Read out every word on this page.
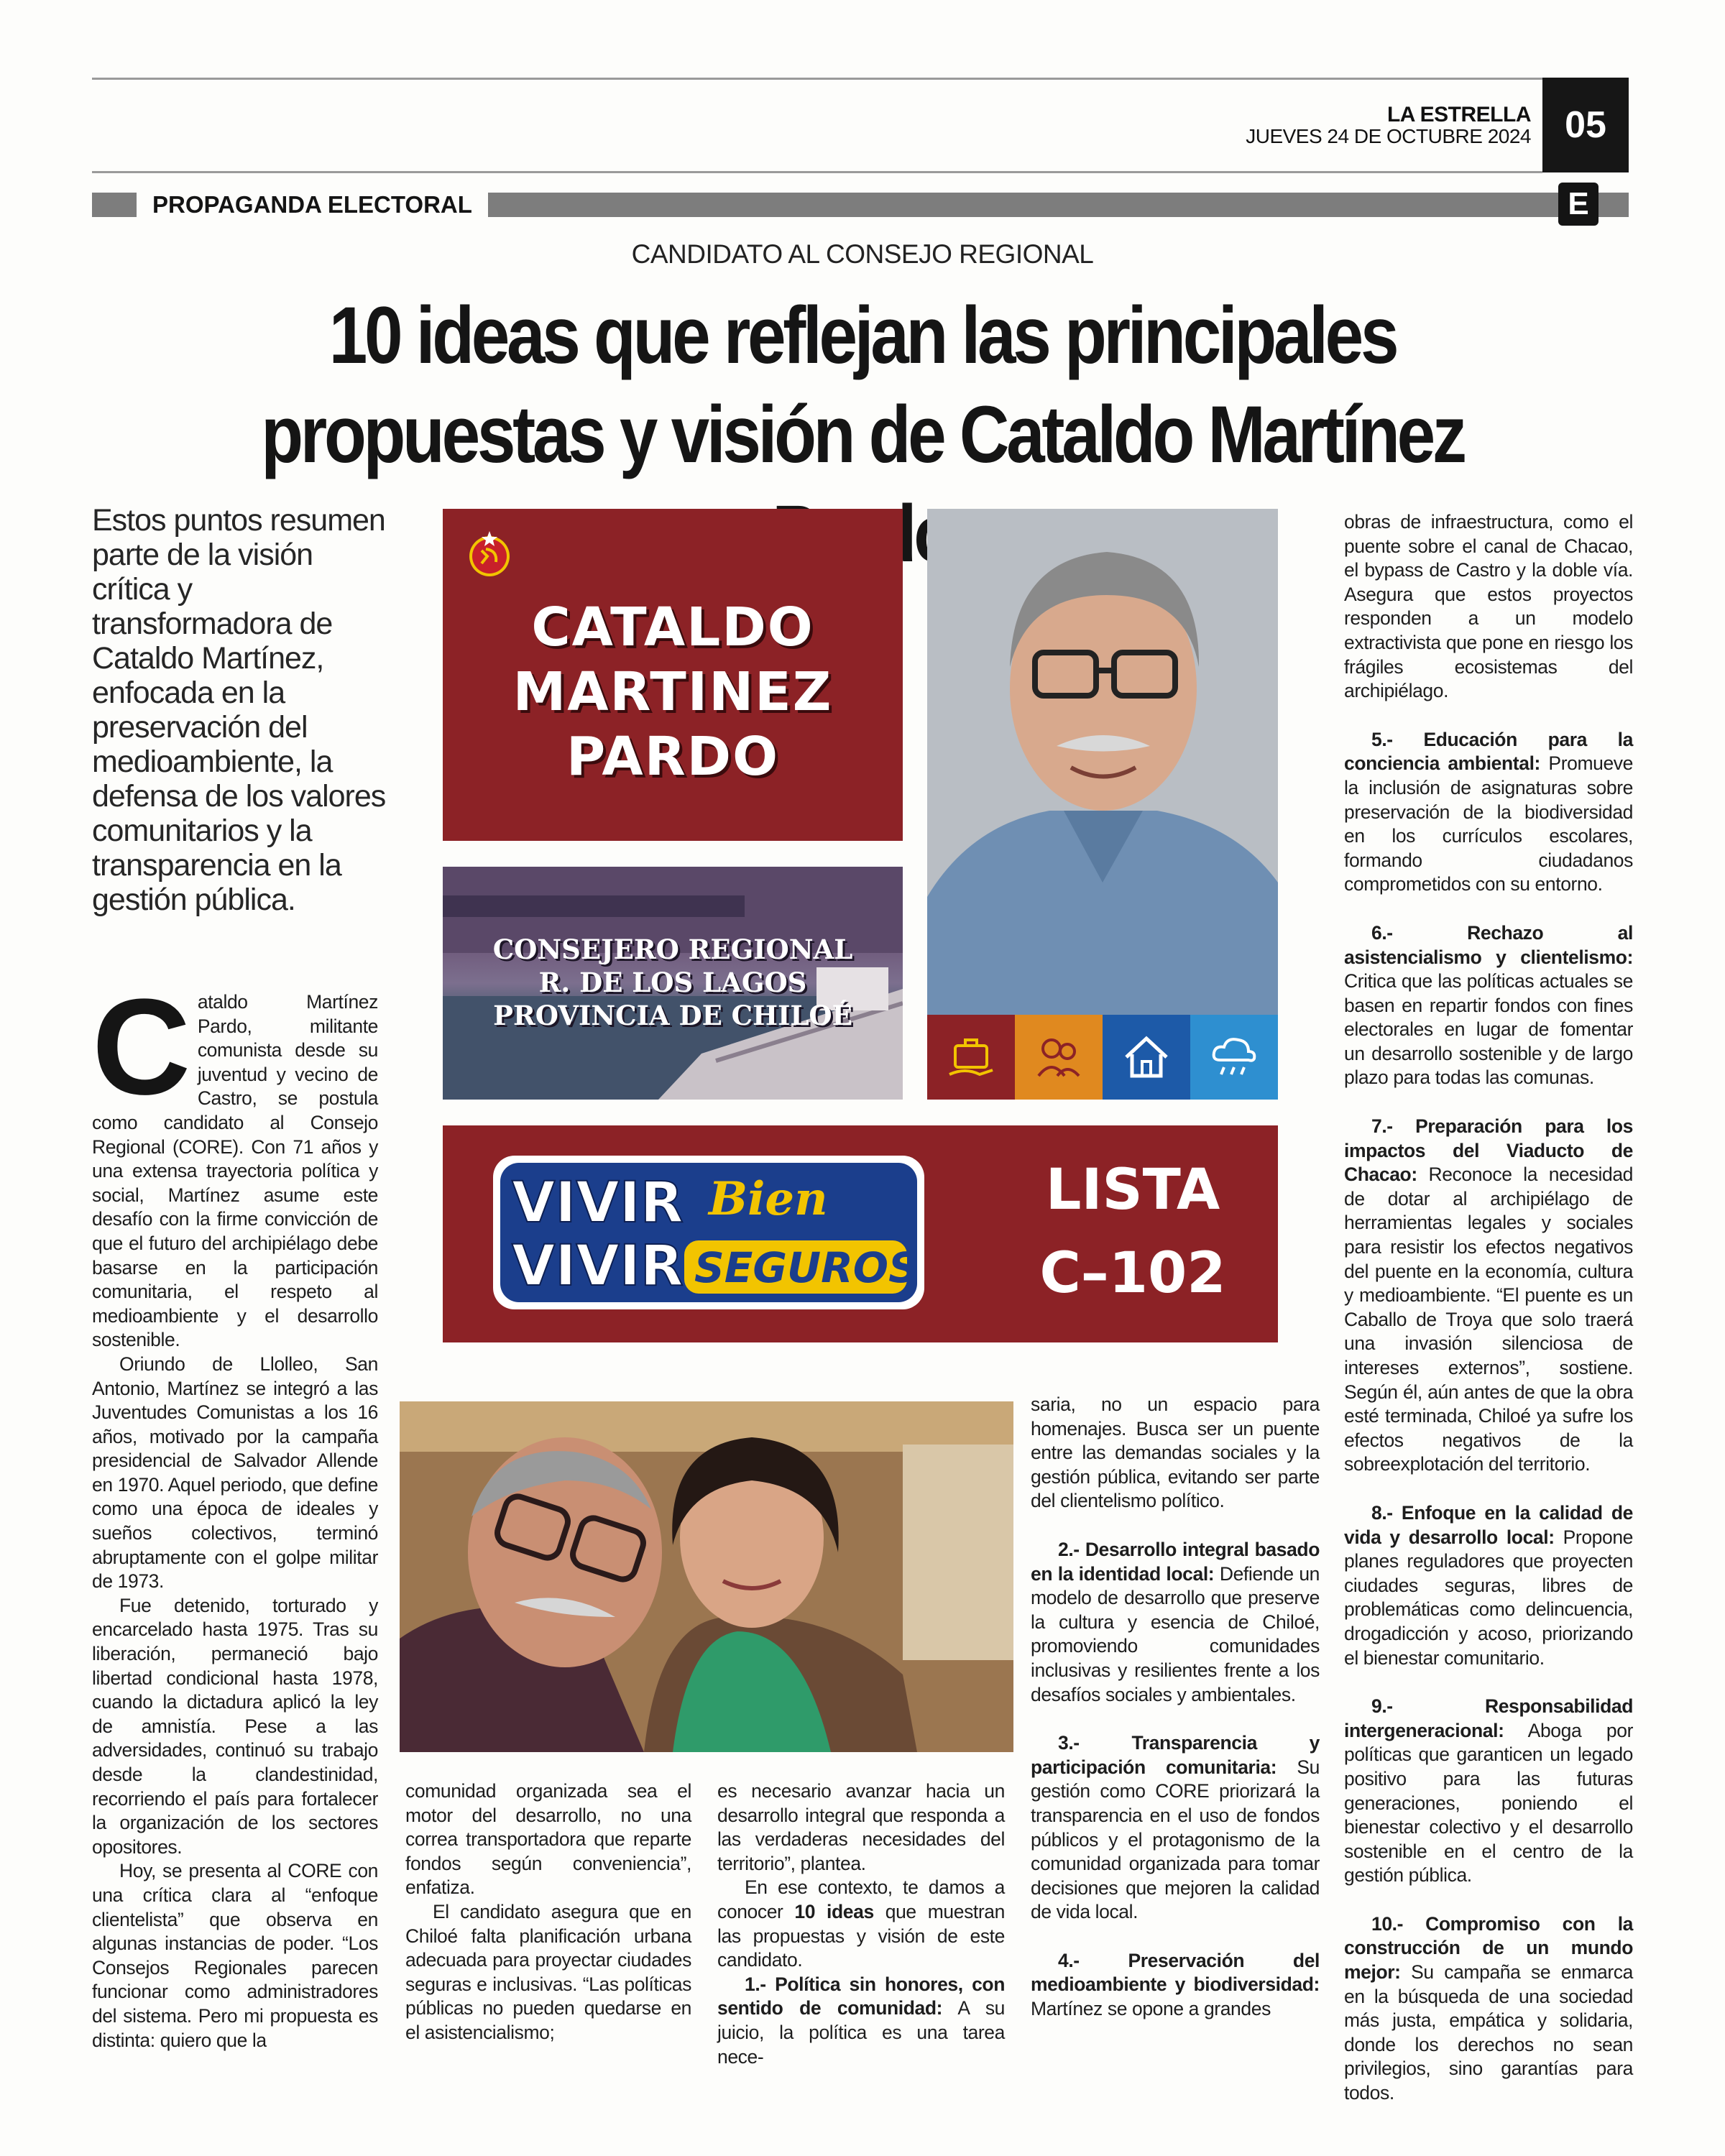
LA ESTRELLA
JUEVES 24 DE OCTUBRE 2024 05
PROPAGANDA ELECTORAL	E
CANDIDATO AL CONSEJO REGIONAL
10 ideas que reflejan las principales
propuestas y visión de Cataldo Martínez
Estos puntos resumen parte de la visión crítica y transformadora de Cataldo Martínez, enfocada en la preservación del medioambiente, la defensa de los valores comunitarios y la transparencia en la gestión pública.
CATALDO
MARTINEZ
PARDO
CONSEJERO REGIONAL
R. DE LOS LAGOS
PROVINCIA DE CHILOÉ
VIVIR Bien
VIVIR SEGUROS
LISTA
C–102

Cataldo Martínez Pardo, militante comunista desde su juventud y vecino de Castro, se postula como candidato al Consejo Regional (CORE). Con 71 años y una extensa trayectoria política y social, Martínez asume este desafío con la firme convicción de que el futuro del archipiélago debe basarse en la participación comunitaria, el respeto al medioambiente y el desarrollo sostenible.

Oriundo de Llolleo, San Antonio, Martínez se integró a las Juventudes Comunistas a los 16 años, motivado por la campaña presidencial de Salvador Allende en 1970. Aquel periodo, que define como una época de ideales y sueños colectivos, terminó abruptamente con el golpe militar de 1973.

Fue detenido, torturado y encarcelado hasta 1975. Tras su liberación, permaneció bajo libertad condicional hasta 1978, cuando la dictadura aplicó la ley de amnistía. Pese a las adversidades, continuó su trabajo desde la clandestinidad, recorriendo el país para fortalecer la organización de los sectores opositores.

Hoy, se presenta al CORE con una crítica clara al “enfoque clientelista” que observa en algunas instancias de poder. “Los Consejos Regionales parecen funcionar como administradores del sistema. Pero mi propuesta es distinta: quiero que la

comunidad organizada sea el motor del desarrollo, no una correa transportadora que reparte fondos según conveniencia”, enfatiza.

El candidato asegura que en Chiloé falta planificación urbana adecuada para proyectar ciudades seguras e inclusivas. “Las políticas públicas no pueden quedarse en el asistencialismo;

es necesario avanzar hacia un desarrollo integral que responda a las verdaderas necesidades del territorio”, plantea.

En ese contexto, te damos a conocer 10 ideas que muestran las propuestas y visión de este candidato.

1.- Política sin honores, con sentido de comunidad: A su juicio, la política es una tarea nece-

saria, no un espacio para homenajes. Busca ser un puente entre las demandas sociales y la gestión pública, evitando ser parte del clientelismo político.

2.- Desarrollo integral basado en la identidad local: Defiende un modelo de desarrollo que preserve la cultura y esencia de Chiloé, promoviendo comunidades inclusivas y resilientes frente a los desafíos sociales y ambientales.

3.- Transparencia y participación comunitaria: Su gestión como CORE priorizará la transparencia en el uso de fondos públicos y el protagonismo de la comunidad organizada para tomar decisiones que mejoren la calidad de vida local.

4.- Preservación del medioambiente y biodiversidad: Martínez se opone a grandes

obras de infraestructura, como el puente sobre el canal de Chacao, el bypass de Castro y la doble vía. Asegura que estos proyectos responden a un modelo extractivista que pone en riesgo los frágiles ecosistemas del archipiélago.

5.- Educación para la conciencia ambiental: Promueve la inclusión de asignaturas sobre preservación de la biodiversidad en los currículos escolares, formando ciudadanos comprometidos con su entorno.

6.- Rechazo al asistencialismo y clientelismo: Critica que las políticas actuales se basen en repartir fondos con fines electorales en lugar de fomentar un desarrollo sostenible y de largo plazo para todas las comunas.

7.- Preparación para los impactos del Viaducto de Chacao: Reconoce la necesidad de dotar al archipiélago de herramientas legales y sociales para resistir los efectos negativos del puente en la economía, cultura y medioambiente. “El puente es un Caballo de Troya que solo traerá una invasión silenciosa de intereses externos”, sostiene. Según él, aún antes de que la obra esté terminada, Chiloé ya sufre los efectos negativos de la sobreexplotación del territorio.

8.- Enfoque en la calidad de vida y desarrollo local: Propone planes reguladores que proyecten ciudades seguras, libres de problemáticas como delincuencia, drogadicción y acoso, priorizando el bienestar comunitario.

9.- Responsabilidad intergeneracional: Aboga por políticas que garanticen un legado positivo para las futuras generaciones, poniendo el bienestar colectivo y el desarrollo sostenible en el centro de la gestión pública.

10.- Compromiso con la construcción de un mundo mejor: Su campaña se enmarca en la búsqueda de una sociedad más justa, empática y solidaria, donde los derechos no sean privilegios, sino garantías para todos.
